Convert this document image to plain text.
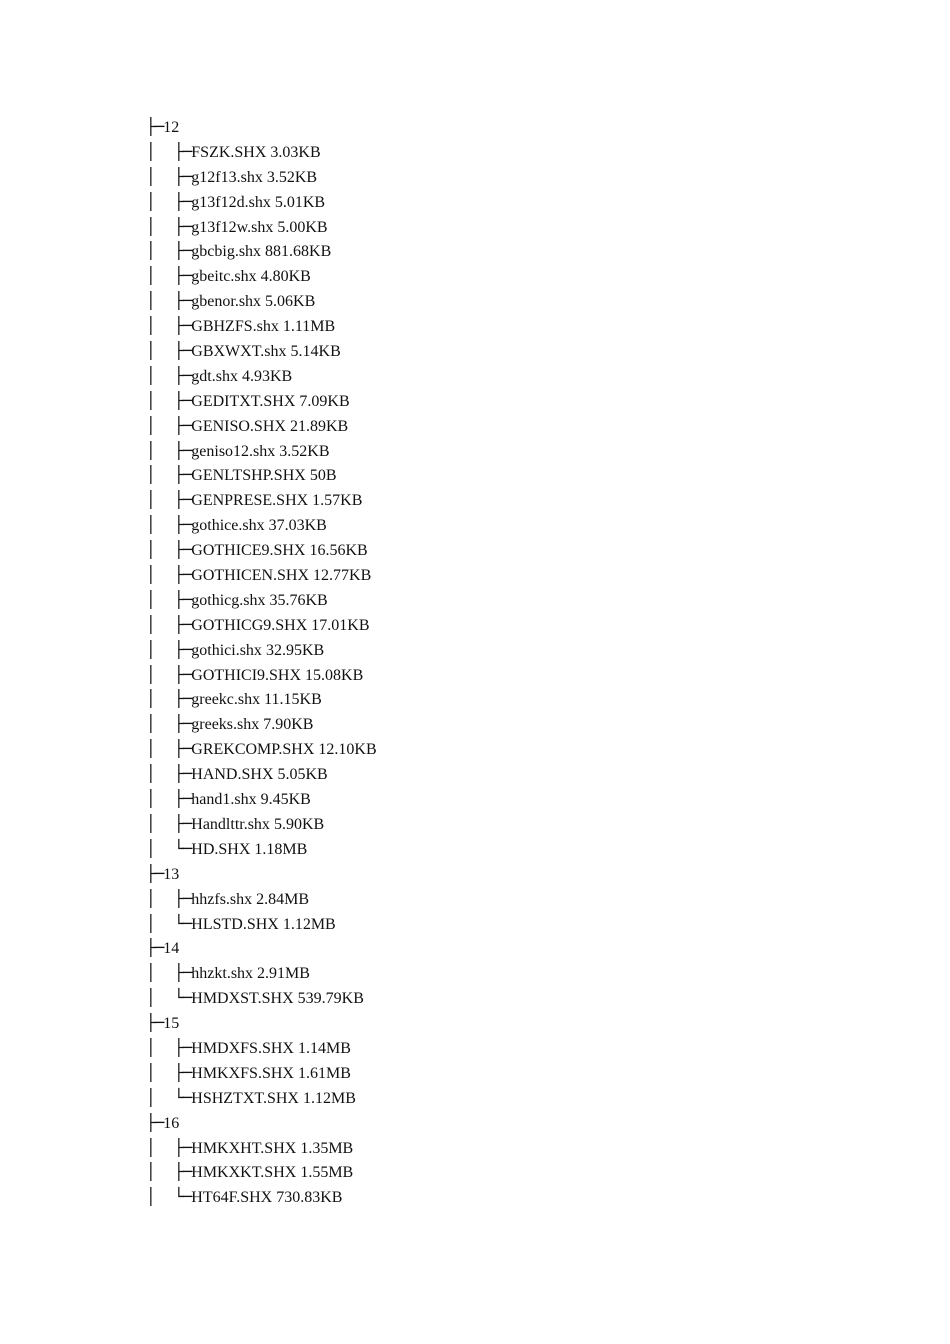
├─12
│ ├─FSZK.SHX 3.03KB
│ ├─g12f13.shx 3.52KB
│ ├─g13f12d.shx 5.01KB
│ ├─g13f12w.shx 5.00KB
│ ├─gbcbig.shx 881.68KB
│ ├─gbeitc.shx 4.80KB
│ ├─gbenor.shx 5.06KB
│ ├─GBHZFS.shx 1.11MB
│ ├─GBXWXT.shx 5.14KB
│ ├─gdt.shx 4.93KB
│ ├─GEDITXT.SHX 7.09KB
│ ├─GENISO.SHX 21.89KB
│ ├─geniso12.shx 3.52KB
│ ├─GENLTSHP.SHX 50B
│ ├─GENPRESE.SHX 1.57KB
│ ├─gothice.shx 37.03KB
│ ├─GOTHICE9.SHX 16.56KB
│ ├─GOTHICEN.SHX 12.77KB
│ ├─gothicg.shx 35.76KB
│ ├─GOTHICG9.SHX 17.01KB
│ ├─gothici.shx 32.95KB
│ ├─GOTHICI9.SHX 15.08KB
│ ├─greekc.shx 11.15KB
│ ├─greeks.shx 7.90KB
│ ├─GREKCOMP.SHX 12.10KB
│ ├─HAND.SHX 5.05KB
│ ├─hand1.shx 9.45KB
│ ├─Handlttr.shx 5.90KB
│ └─HD.SHX 1.18MB
├─13
│ ├─hhzfs.shx 2.84MB
│ └─HLSTD.SHX 1.12MB
├─14
│ ├─hhzkt.shx 2.91MB
│ └─HMDXST.SHX 539.79KB
├─15
│ ├─HMDXFS.SHX 1.14MB
│ ├─HMKXFS.SHX 1.61MB
│ └─HSHZTXT.SHX 1.12MB
├─16
│ ├─HMKXHT.SHX 1.35MB
│ ├─HMKXKT.SHX 1.55MB
│ └─HT64F.SHX 730.83KB
